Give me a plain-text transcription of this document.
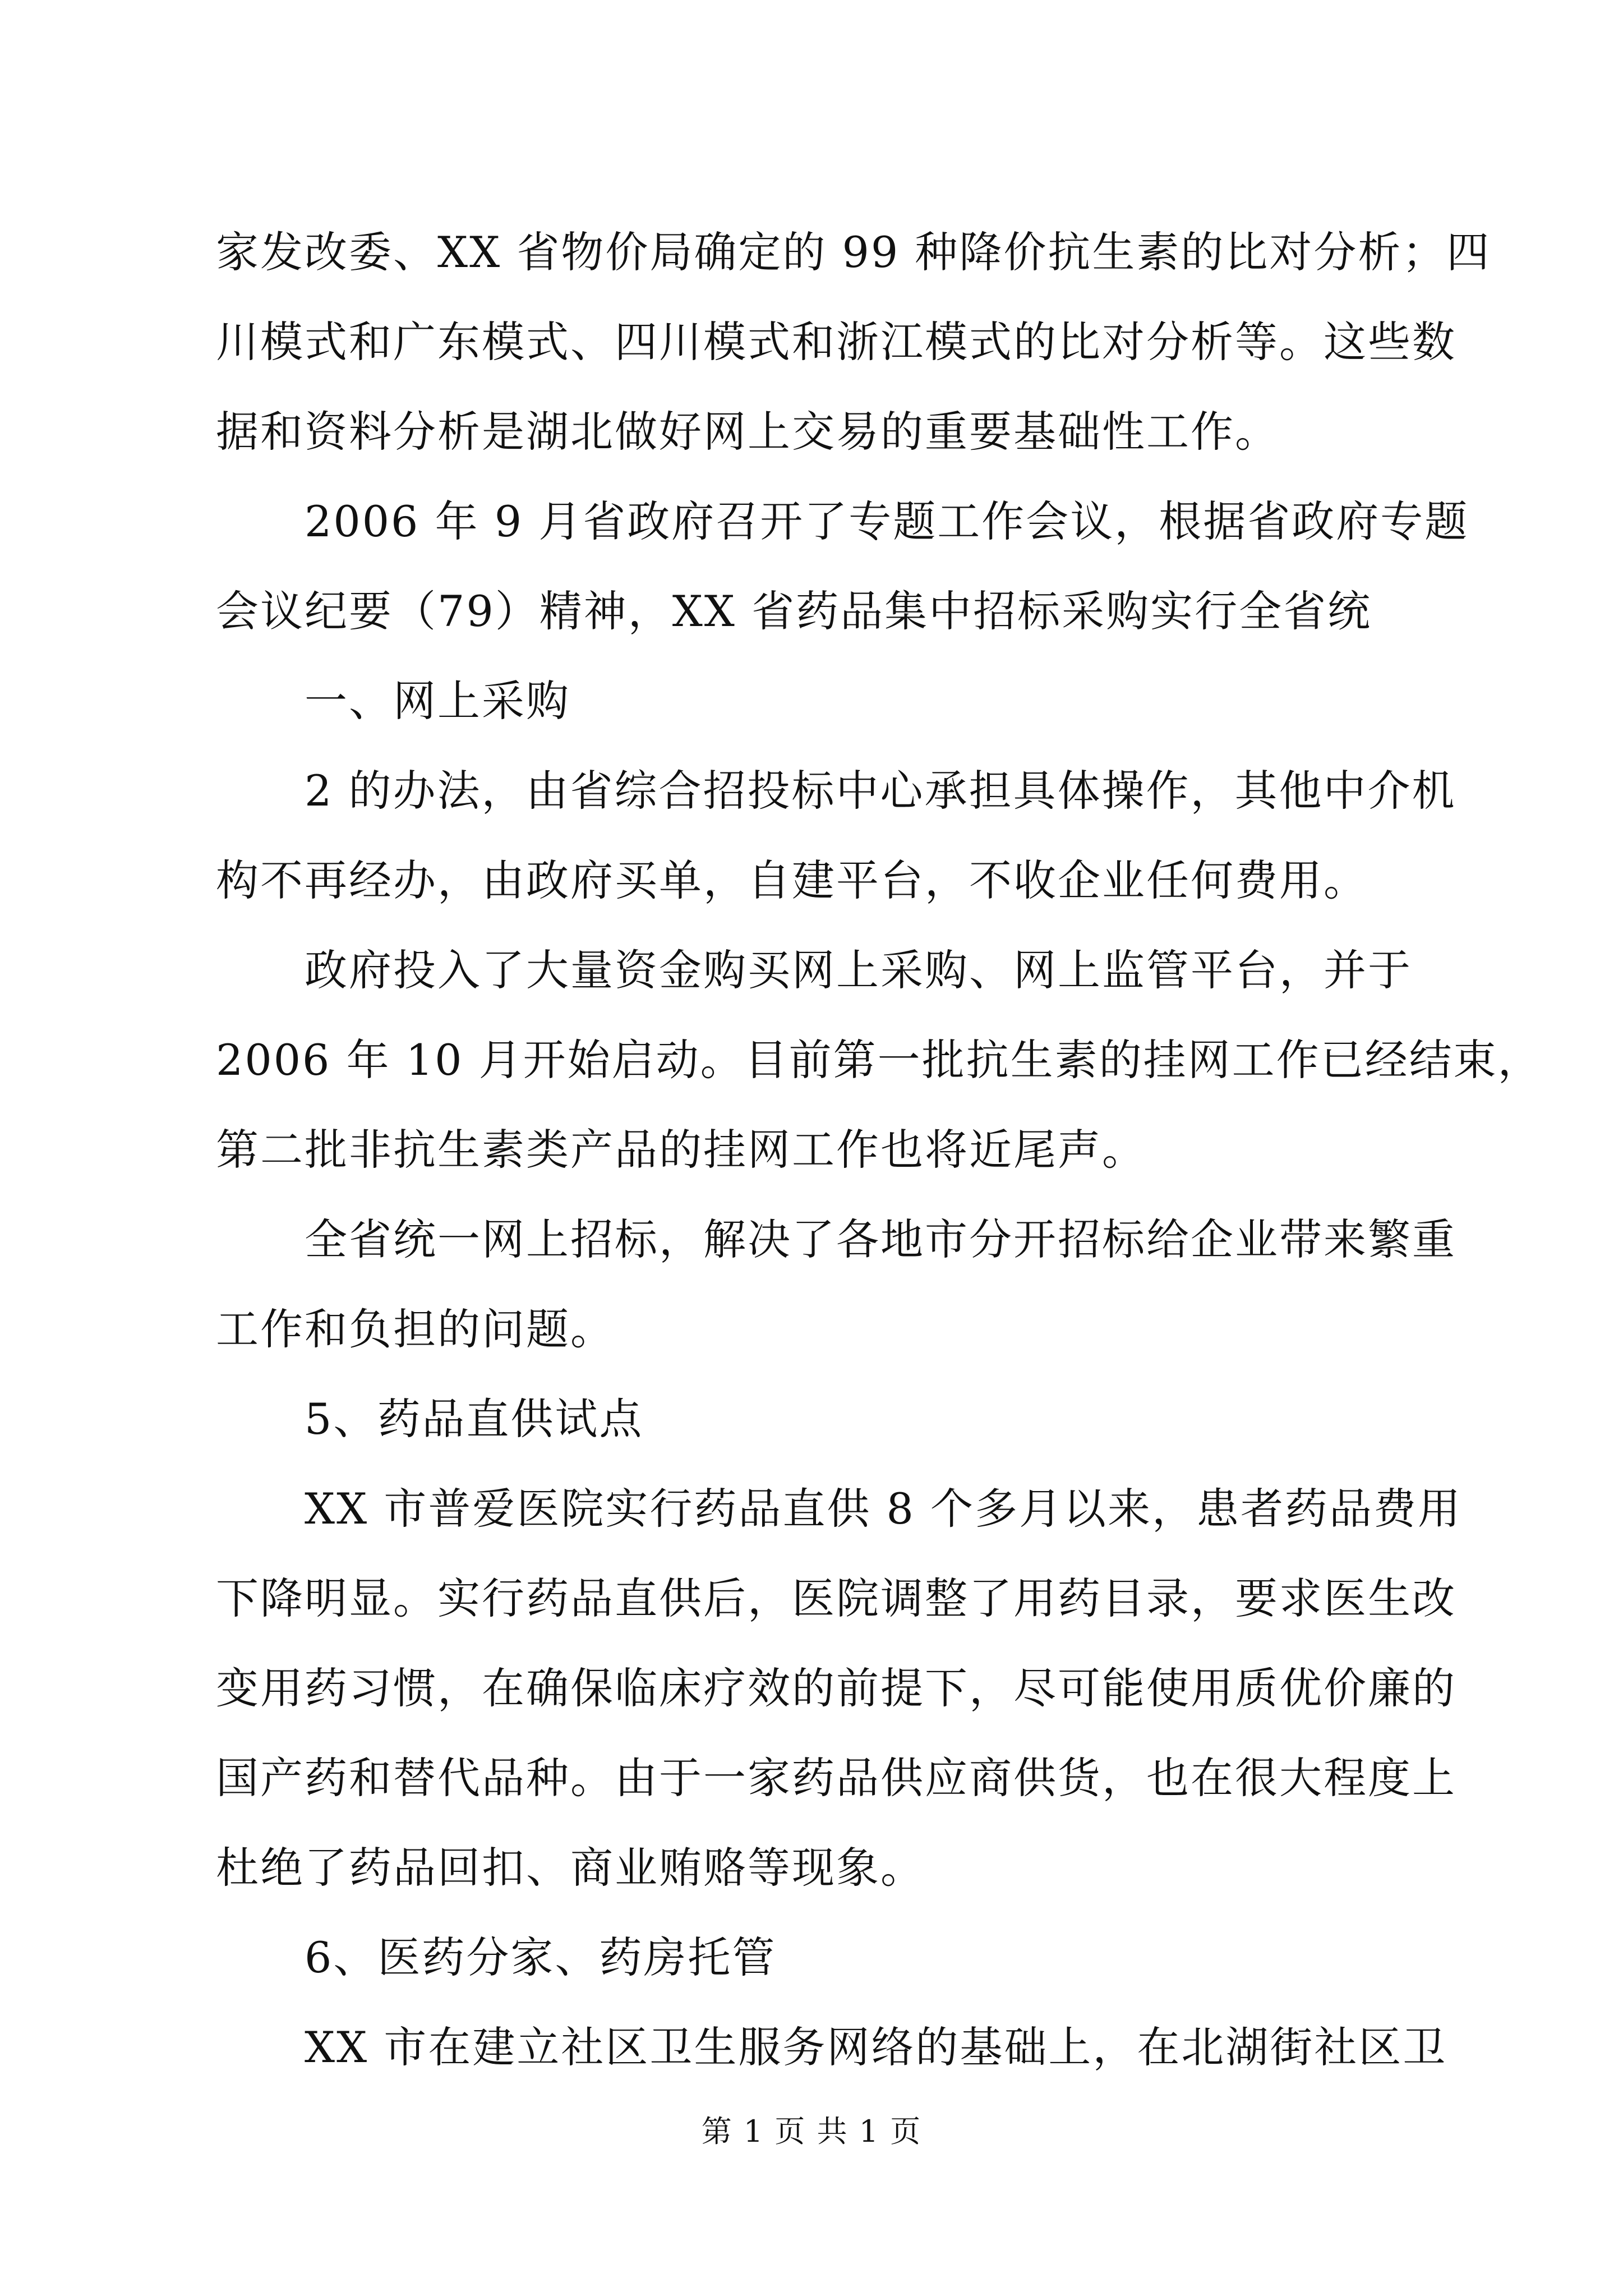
家发改委、XX 省物价局确定的 99 种降价抗生素的比对分析；四
川模式和广东模式、四川模式和浙江模式的比对分析等。这些数
据和资料分析是湖北做好网上交易的重要基础性工作。
　　2006 年 9 月省政府召开了专题工作会议，根据省政府专题
会议纪要（79）精神，XX 省药品集中招标采购实行全省统
　　一、网上采购
　　2 的办法，由省综合招投标中心承担具体操作，其他中介机
构不再经办，由政府买单，自建平台，不收企业任何费用。
　　政府投入了大量资金购买网上采购、网上监管平台，并于
2006 年 10 月开始启动。目前第一批抗生素的挂网工作已经结束，
第二批非抗生素类产品的挂网工作也将近尾声。
　　全省统一网上招标，解决了各地市分开招标给企业带来繁重
工作和负担的问题。
　　5、药品直供试点
　　XX 市普爱医院实行药品直供 8 个多月以来，患者药品费用
下降明显。实行药品直供后，医院调整了用药目录，要求医生改
变用药习惯，在确保临床疗效的前提下，尽可能使用质优价廉的
国产药和替代品种。由于一家药品供应商供货，也在很大程度上
杜绝了药品回扣、商业贿赂等现象。
　　6、医药分家、药房托管
第 1 页 共 1 页
　　XX 市在建立社区卫生服务网络的基础上，在北湖街社区卫
